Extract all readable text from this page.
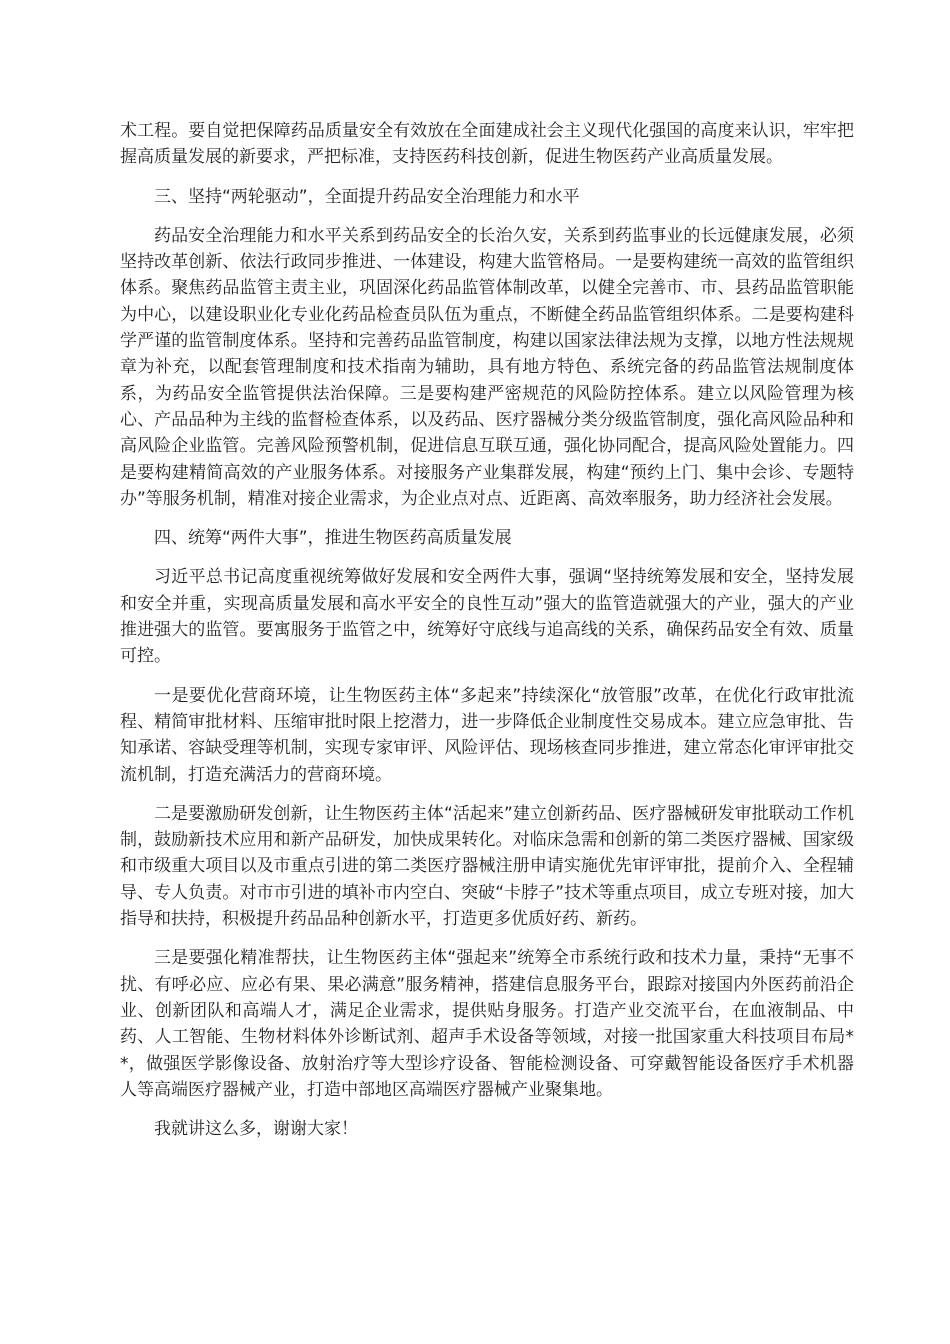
术工程。要自觉把保障药品质量安全有效放在全面建成社会主义现代化强国的高度来认识，牢牢把握高质量发展的新要求，严把标准，支持医药科技创新，促进生物医药产业高质量发展。

三、坚持“两轮驱动”，全面提升药品安全治理能力和水平

药品安全治理能力和水平关系到药品安全的长治久安，关系到药监事业的长远健康发展，必须坚持改革创新、依法行政同步推进、一体建设，构建大监管格局。一是要构建统一高效的监管组织体系。聚焦药品监管主责主业，巩固深化药品监管体制改革，以健全完善市、市、县药品监管职能为中心，以建设职业化专业化药品检查员队伍为重点，不断健全药品监管组织体系。二是要构建科学严谨的监管制度体系。坚持和完善药品监管制度，构建以国家法律法规为支撑，以地方性法规规章为补充，以配套管理制度和技术指南为辅助，具有地方特色、系统完备的药品监管法规制度体系，为药品安全监管提供法治保障。三是要构建严密规范的风险防控体系。建立以风险管理为核心、产品品种为主线的监督检查体系，以及药品、医疗器械分类分级监管制度，强化高风险品种和高风险企业监管。完善风险预警机制，促进信息互联互通，强化协同配合，提高风险处置能力。四是要构建精简高效的产业服务体系。对接服务产业集群发展，构建“预约上门、集中会诊、专题特办”等服务机制，精准对接企业需求，为企业点对点、近距离、高效率服务，助力经济社会发展。

四、统筹“两件大事”，推进生物医药高质量发展

习近平总书记高度重视统筹做好发展和安全两件大事，强调“坚持统筹发展和安全，坚持发展和安全并重，实现高质量发展和高水平安全的良性互动”强大的监管造就强大的产业，强大的产业推进强大的监管。要寓服务于监管之中，统筹好守底线与追高线的关系，确保药品安全有效、质量可控。

一是要优化营商环境，让生物医药主体“多起来”持续深化“放管服”改革，在优化行政审批流程、精简审批材料、压缩审批时限上挖潜力，进一步降低企业制度性交易成本。建立应急审批、告知承诺、容缺受理等机制，实现专家审评、风险评估、现场核查同步推进，建立常态化审评审批交流机制，打造充满活力的营商环境。

二是要激励研发创新，让生物医药主体“活起来”建立创新药品、医疗器械研发审批联动工作机制，鼓励新技术应用和新产品研发，加快成果转化。对临床急需和创新的第二类医疗器械、国家级和市级重大项目以及市重点引进的第二类医疗器械注册申请实施优先审评审批，提前介入、全程辅导、专人负责。对市市引进的填补市内空白、突破“卡脖子”技术等重点项目，成立专班对接，加大指导和扶持，积极提升药品品种创新水平，打造更多优质好药、新药。

三是要强化精准帮扶，让生物医药主体“强起来”统筹全市系统行政和技术力量，秉持“无事不扰、有呼必应、应必有果、果必满意”服务精神，搭建信息服务平台，跟踪对接国内外医药前沿企业、创新团队和高端人才，满足企业需求，提供贴身服务。打造产业交流平台，在血液制品、中药、人工智能、生物材料体外诊断试剂、超声手术设备等领域，对接一批国家重大科技项目布局**，做强医学影像设备、放射治疗等大型诊疗设备、智能检测设备、可穿戴智能设备医疗手术机器人等高端医疗器械产业，打造中部地区高端医疗器械产业聚集地。

我就讲这么多，谢谢大家！
